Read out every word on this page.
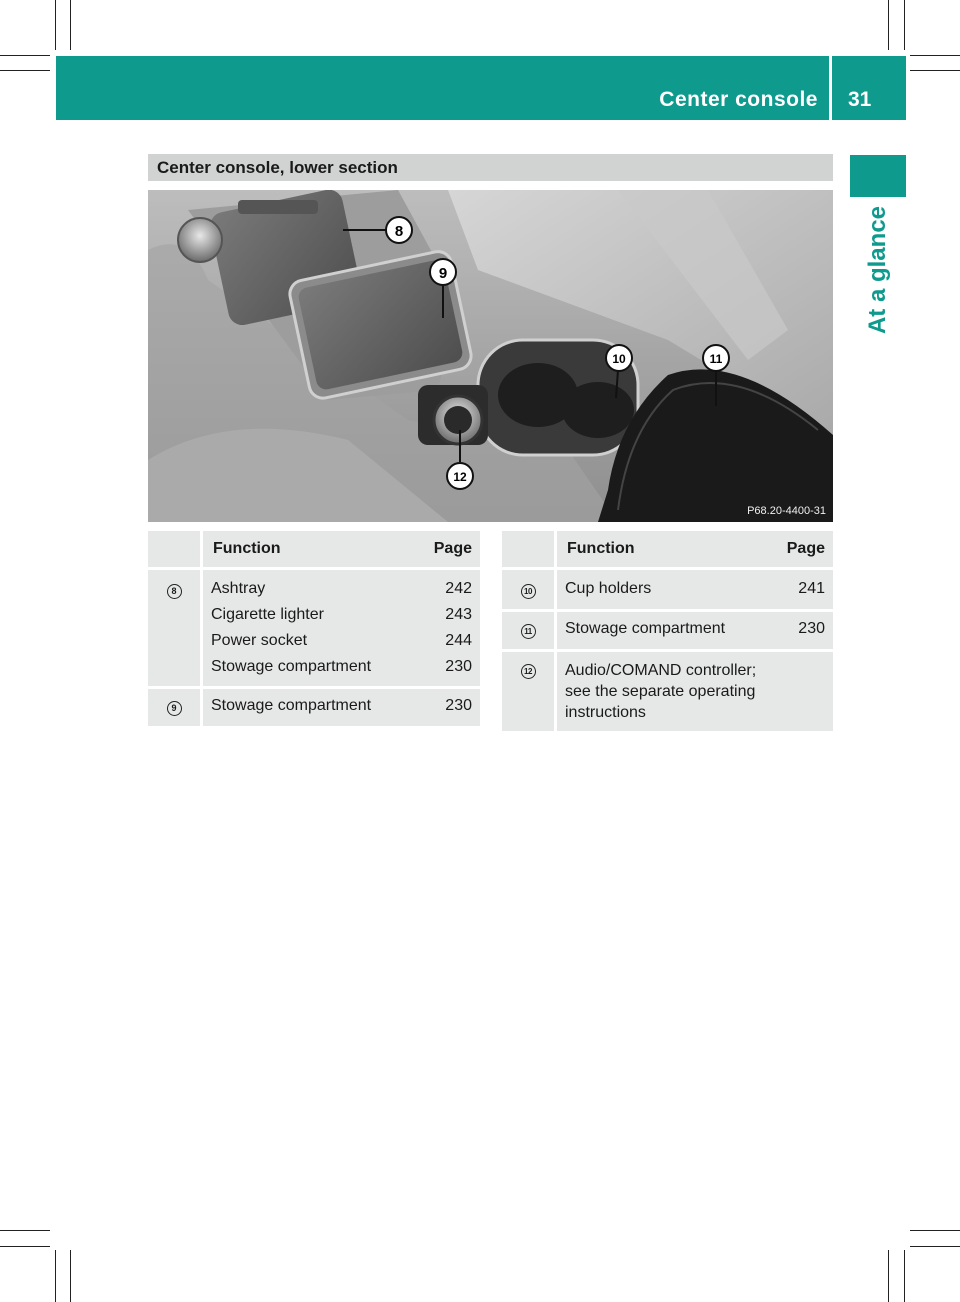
Center console 31
At a glance
Center console, lower section
8
9
10	11
12
P68.20-4400-31
	Function	Page
8	Ashtray	242
	Cigarette lighter	243
	Power socket	244
	Stowage compartment	230
9	Stowage compartment	230
	Function	Page
10	Cup holders	241
11	Stowage compartment	230
12	Audio/COMAND controller; see the separate operating instructions	
